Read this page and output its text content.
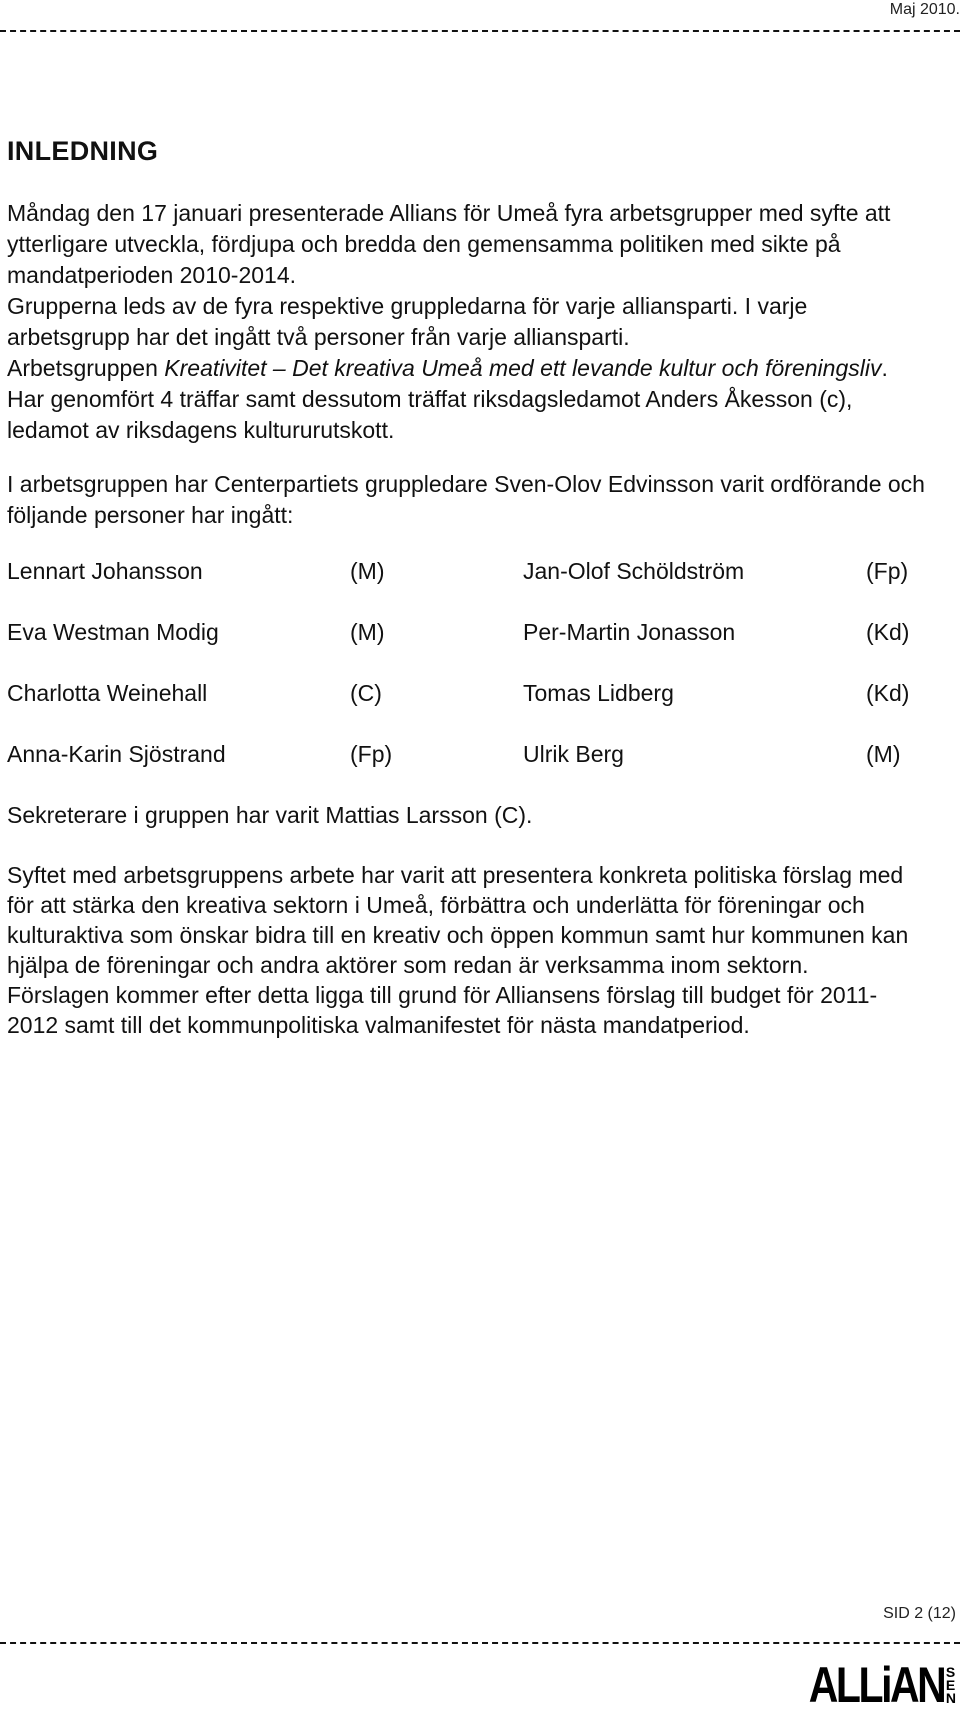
Maj 2010.
INLEDNING
Måndag den 17 januari presenterade Allians för Umeå fyra arbetsgrupper med syfte att ytterligare utveckla, fördjupa och bredda den gemensamma politiken med sikte på mandatperioden 2010-2014.
Grupperna leds av de fyra respektive gruppledarna för varje alliansparti. I varje arbetsgrupp har det ingått två personer från varje alliansparti.
Arbetsgruppen Kreativitet – Det kreativa Umeå med ett levande kultur och föreningsliv. Har genomfört 4 träffar samt dessutom träffat riksdagsledamot Anders Åkesson (c), ledamot av riksdagens kultururutskott.
I arbetsgruppen har Centerpartiets gruppledare Sven-Olov Edvinsson varit ordförande och följande personer har ingått:
Lennart Johansson	(M)	Jan-Olof Schöldström	(Fp)
Eva Westman Modig	(M)	Per-Martin Jonasson	(Kd)
Charlotta Weinehall	(C)	Tomas Lidberg	(Kd)
Anna-Karin Sjöstrand	(Fp)	Ulrik Berg	(M)
Sekreterare i gruppen har varit Mattias Larsson (C).
Syftet med arbetsgruppens arbete har varit att presentera konkreta politiska förslag med för att stärka den kreativa sektorn i Umeå, förbättra och underlätta för föreningar och kulturaktiva som önskar bidra till en kreativ och öppen kommun samt hur kommunen kan hjälpa de föreningar och andra aktörer som redan är verksamma inom sektorn.
Förslagen kommer efter detta ligga till grund för Alliansens förslag till budget för 2011-2012 samt till det kommunpolitiska valmanifestet för nästa mandatperiod.
SID 2 (12)
ALLiAN S
E
N
